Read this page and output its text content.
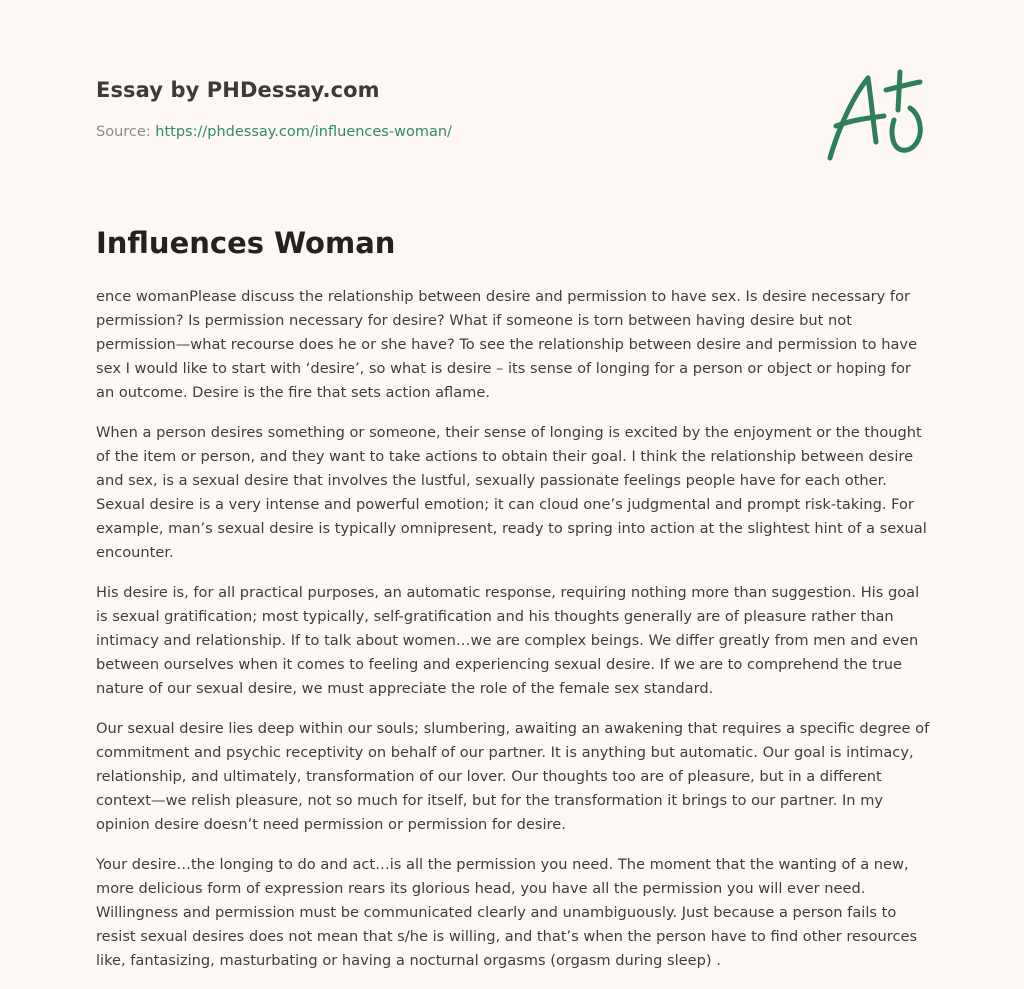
Essay by PHDessay.com
Source: https://phdessay.com/influences-woman/
Influences Woman

ence womanPlease discuss the relationship between desire and permission to have sex. Is desire necessary for permission? Is permission necessary for desire? What if someone is torn between having desire but not permission—what recourse does he or she have? To see the relationship between desire and permission to have sex I would like to start with ‘desire’, so what is desire – its sense of longing for a person or object or hoping for an outcome. Desire is the fire that sets action aflame.

When a person desires something or someone, their sense of longing is excited by the enjoyment or the thought of the item or person, and they want to take actions to obtain their goal. I think the relationship between desire and sex, is a sexual desire that involves the lustful, sexually passionate feelings people have for each other. Sexual desire is a very intense and powerful emotion; it can cloud one’s judgmental and prompt risk-taking. For example, man’s sexual desire is typically omnipresent, ready to spring into action at the slightest hint of a sexual encounter.

His desire is, for all practical purposes, an automatic response, requiring nothing more than suggestion. His goal is sexual gratification; most typically, self-gratification and his thoughts generally are of pleasure rather than intimacy and relationship. If to talk about women…we are complex beings. We differ greatly from men and even between ourselves when it comes to feeling and experiencing sexual desire. If we are to comprehend the true nature of our sexual desire, we must appreciate the role of the female sex standard.

Our sexual desire lies deep within our souls; slumbering, awaiting an awakening that requires a specific degree of commitment and psychic receptivity on behalf of our partner. It is anything but automatic. Our goal is intimacy, relationship, and ultimately, transformation of our lover. Our thoughts too are of pleasure, but in a different context—we relish pleasure, not so much for itself, but for the transformation it brings to our partner. In my opinion desire doesn’t need permission or permission for desire.

Your desire…the longing to do and act…is all the permission you need. The moment that the wanting of a new, more delicious form of expression rears its glorious head, you have all the permission you will ever need. Willingness and permission must be communicated clearly and unambiguously. Just because a person fails to resist sexual desires does not mean that s/he is willing, and that’s when the person have to find other resources like, fantasizing, masturbating or having a nocturnal orgasms (orgasm during sleep) .
